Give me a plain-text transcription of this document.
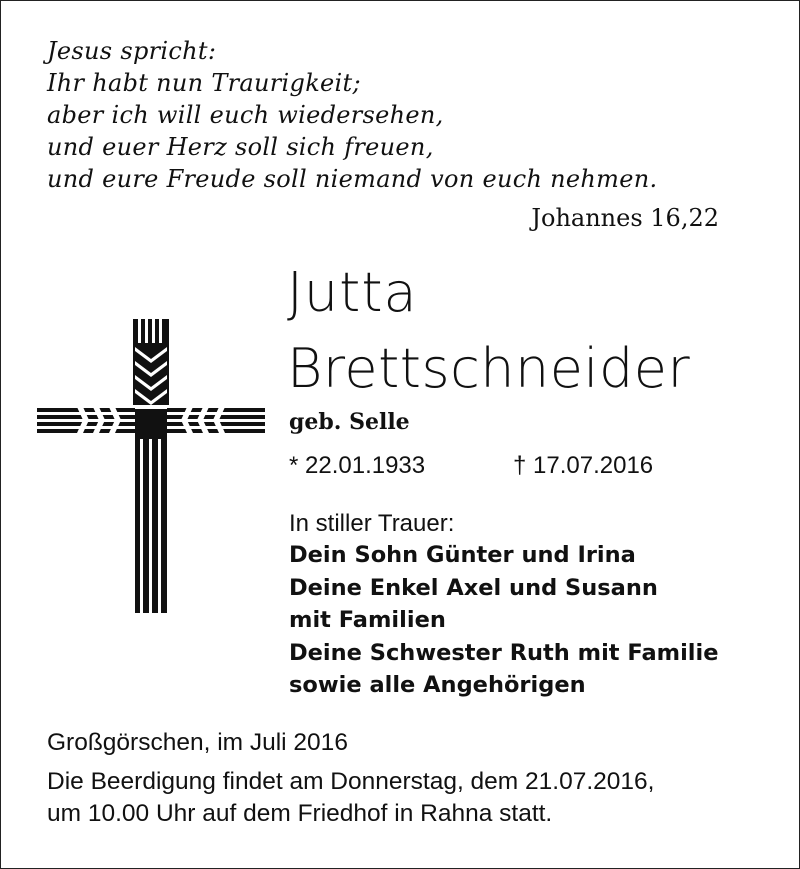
Jesus spricht:
Ihr habt nun Traurigkeit;
aber ich will euch wiedersehen,
und euer Herz soll sich freuen,
und eure Freude soll niemand von euch nehmen.
Johannes 16,22
Jutta
Brettschneider
geb. Selle
* 22.01.1933	† 17.07.2016
In stiller Trauer:
Dein Sohn Günter und Irina
Deine Enkel Axel und Susann
mit Familien
Deine Schwester Ruth mit Familie
sowie alle Angehörigen
Großgörschen, im Juli 2016
Die Beerdigung findet am Donnerstag, dem 21.07.2016,
um 10.00 Uhr auf dem Friedhof in Rahna statt.
